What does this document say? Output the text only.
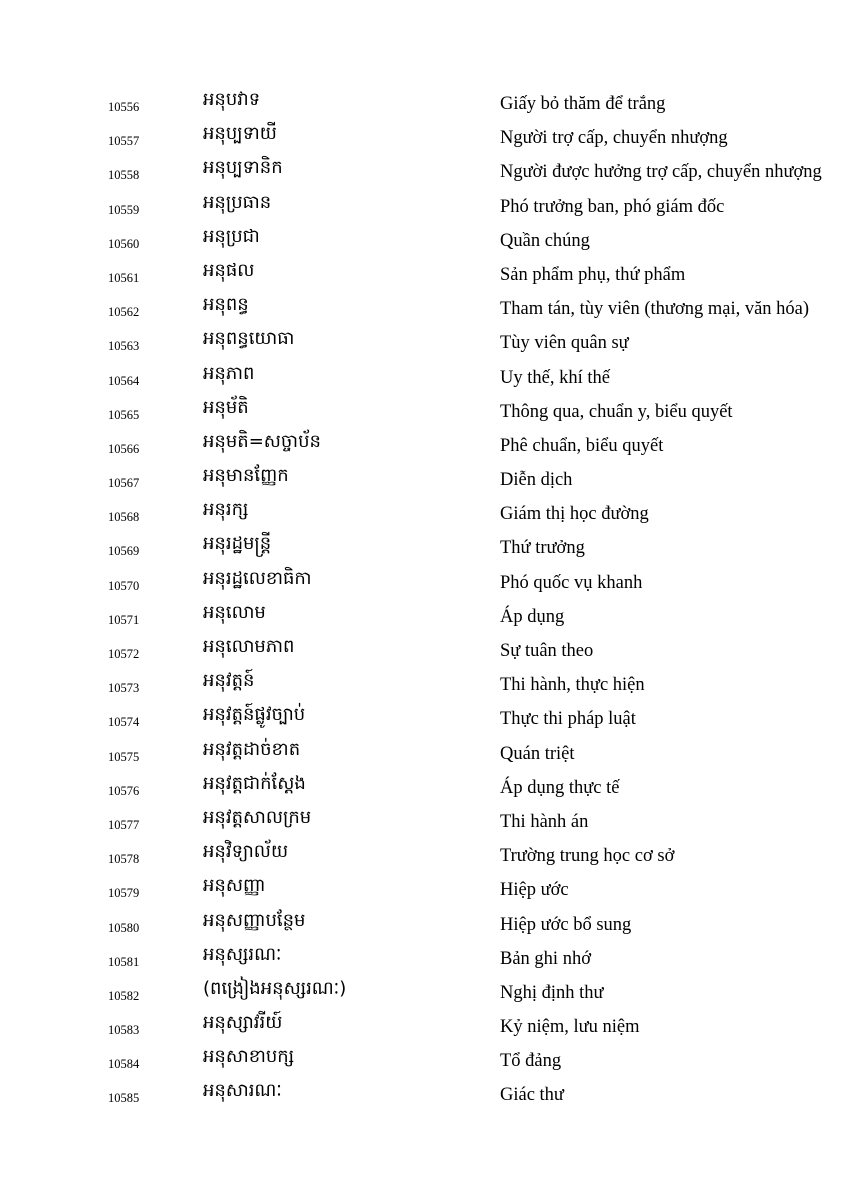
10556	អនុបវាទ	Giấy bỏ thăm để trắng
10557	អនុប្បទាយី	Người trợ cấp, chuyển nhượng
10558	អនុប្បទានិក	Người được hưởng trợ cấp, chuyển nhượng
10559	អនុប្រធាន	Phó trưởng ban, phó giám đốc
10560	អនុប្រជា	Quần chúng
10561	អនុផល	Sản phẩm phụ, thứ phẩm
10562	អនុពន្ធ	Tham tán, tùy viên (thương mại, văn hóa)
10563	អនុពន្ធយោធា	Tùy viên quân sự
10564	អនុភាព	Uy thế, khí thế
10565	អនុម័តិ	Thông qua, chuẩn y, biểu quyết
10566	អនុមតិ=សច្ចាប័ន	Phê chuẩn, biểu quyết
10567	អនុមានញ្ញែក	Diễn dịch
10568	អនុរក្ស	Giám thị học đường
10569	អនុរដ្ឋមន្ត្រី	Thứ trưởng
10570	អនុរដ្ឋលេខាធិកា	Phó quốc vụ khanh
10571	អនុលោម	Áp dụng
10572	អនុលោមភាព	Sự tuân theo
10573	អនុវត្តន៍	Thi hành, thực hiện
10574	អនុវត្តន៍ផ្លូវច្បាប់	Thực thi pháp luật
10575	អនុវត្តដាច់ខាត	Quán triệt
10576	អនុវត្តជាក់ស្ដែង	Áp dụng thực tế
10577	អនុវត្តសាលក្រម	Thi hành án
10578	អនុវិទ្យាល័យ	Trường trung học cơ sở
10579	អនុសញ្ញា	Hiệp ước
10580	អនុសញ្ញាបន្ថែម	Hiệp ước bổ sung
10581	អនុស្សរណៈ	Bản ghi nhớ
10582	(ពង្រៀងអនុស្សរណៈ)	Nghị định thư
10583	អនុស្សាវរីយ៍	Kỷ niệm, lưu niệm
10584	អនុសាខាបក្ស	Tổ đảng
10585	អនុសារណៈ	Giác thư
